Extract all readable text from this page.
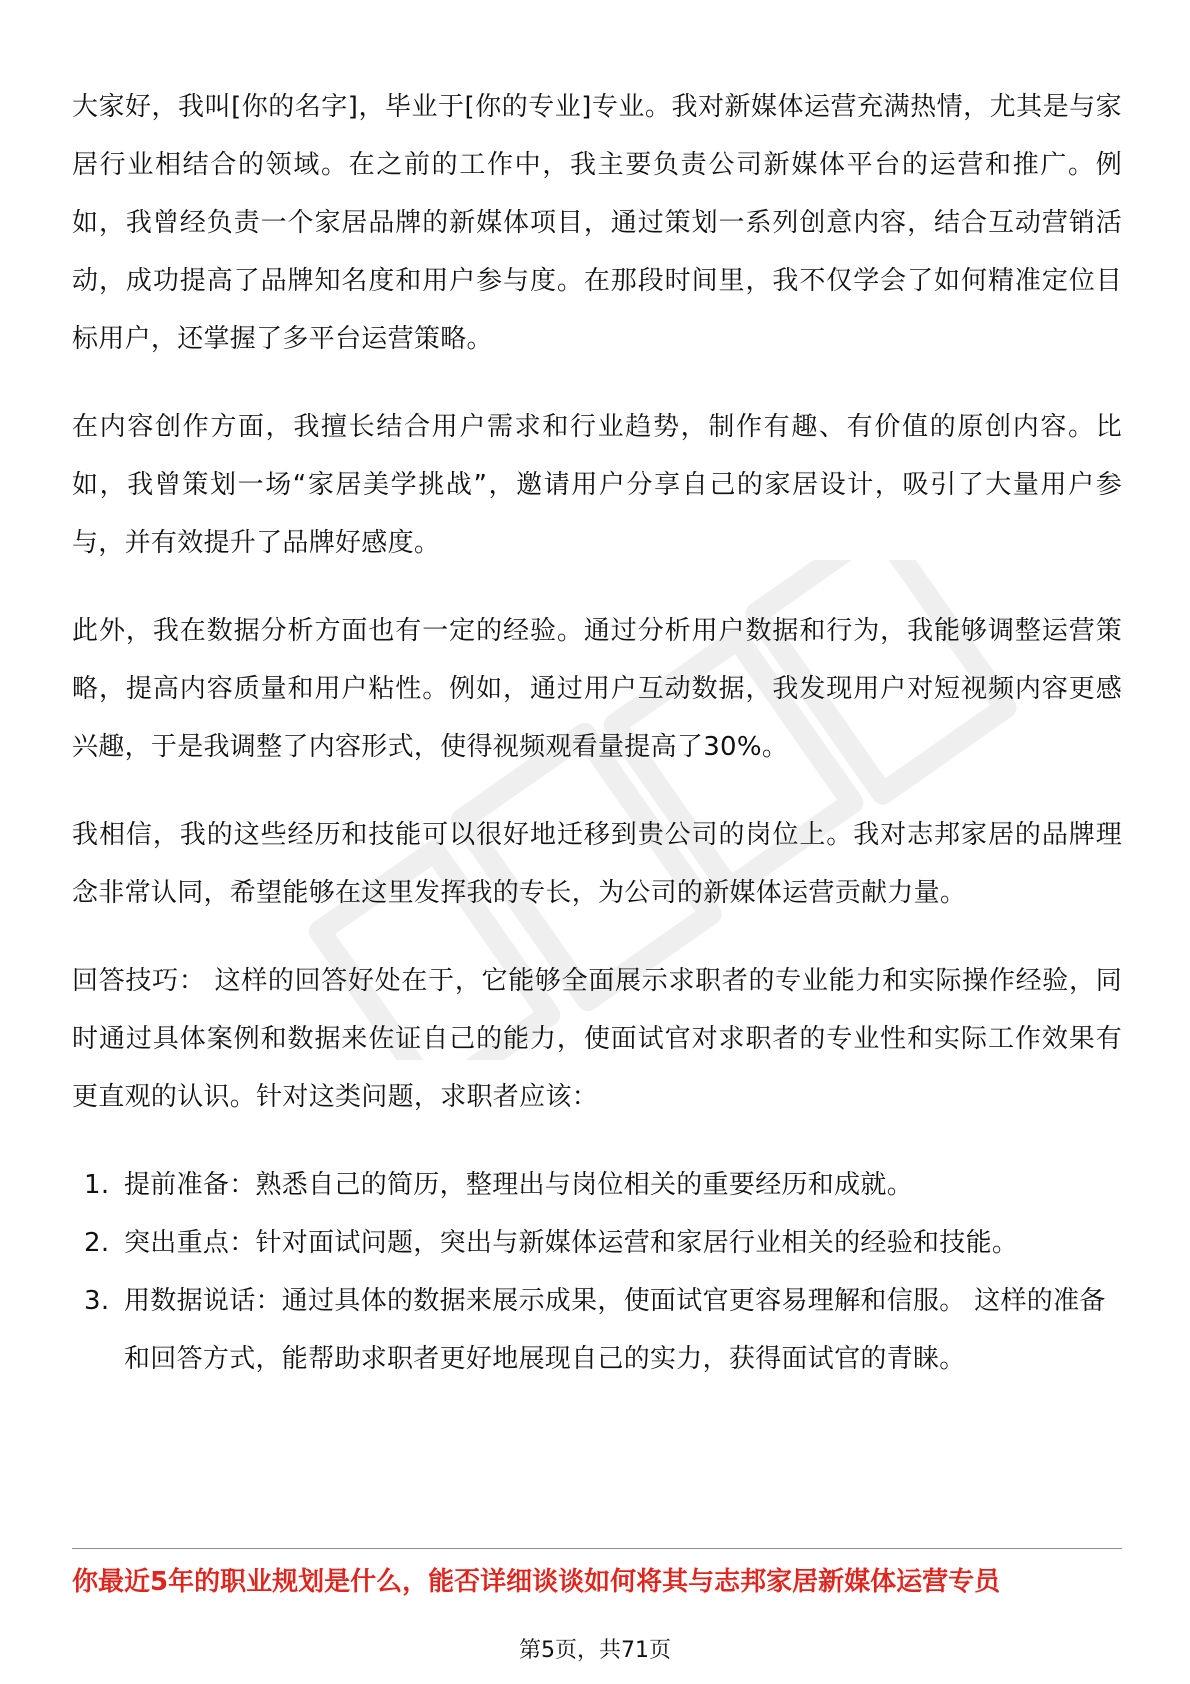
大家好，我叫[你的名字]，毕业于[你的专业]专业。我对新媒体运营充满热情，尤其是与家居行业相结合的领域。在之前的工作中，我主要负责公司新媒体平台的运营和推广。例如，我曾经负责一个家居品牌的新媒体项目，通过策划一系列创意内容，结合互动营销活动，成功提高了品牌知名度和用户参与度。在那段时间里，我不仅学会了如何精准定位目标用户，还掌握了多平台运营策略。

在内容创作方面，我擅长结合用户需求和行业趋势，制作有趣、有价值的原创内容。比如，我曾策划一场“家居美学挑战”，邀请用户分享自己的家居设计，吸引了大量用户参与，并有效提升了品牌好感度。

此外，我在数据分析方面也有一定的经验。通过分析用户数据和行为，我能够调整运营策略，提高内容质量和用户粘性。例如，通过用户互动数据，我发现用户对短视频内容更感兴趣，于是我调整了内容形式，使得视频观看量提高了30%。

我相信，我的这些经历和技能可以很好地迁移到贵公司的岗位上。我对志邦家居的品牌理念非常认同，希望能够在这里发挥我的专长，为公司的新媒体运营贡献力量。

回答技巧： 这样的回答好处在于，它能够全面展示求职者的专业能力和实际操作经验，同时通过具体案例和数据来佐证自己的能力，使面试官对求职者的专业性和实际工作效果有更直观的认识。针对这类问题，求职者应该：

1. 提前准备：熟悉自己的简历，整理出与岗位相关的重要经历和成就。
2. 突出重点：针对面试问题，突出与新媒体运营和家居行业相关的经验和技能。
3. 用数据说话：通过具体的数据来展示成果，使面试官更容易理解和信服。 这样的准备和回答方式，能帮助求职者更好地展现自己的实力，获得面试官的青睐。
你最近5年的职业规划是什么，能否详细谈谈如何将其与志邦家居新媒体运营专员
第5页，共71页
